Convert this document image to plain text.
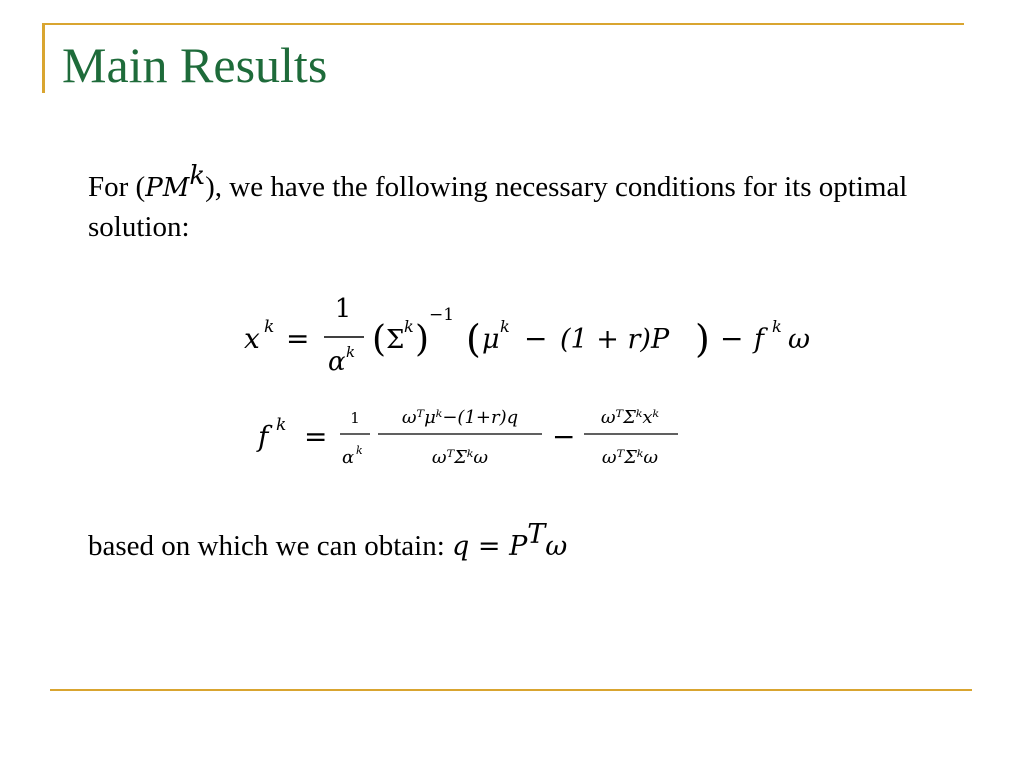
Main Results
For $(PM^k)$, we have the following necessary conditions for its optimal solution:
x k =
1
α k ( Σ k )
−1
( μ k − (1 + r)P ) − f k ω
f k =
1
α k
ωᵀμᵏ−(1+r)q
ωᵀΣᵏω
−
ωᵀΣᵏxᵏ
ωᵀΣᵏω
based on which we can obtain: $q = P^T\omega$
